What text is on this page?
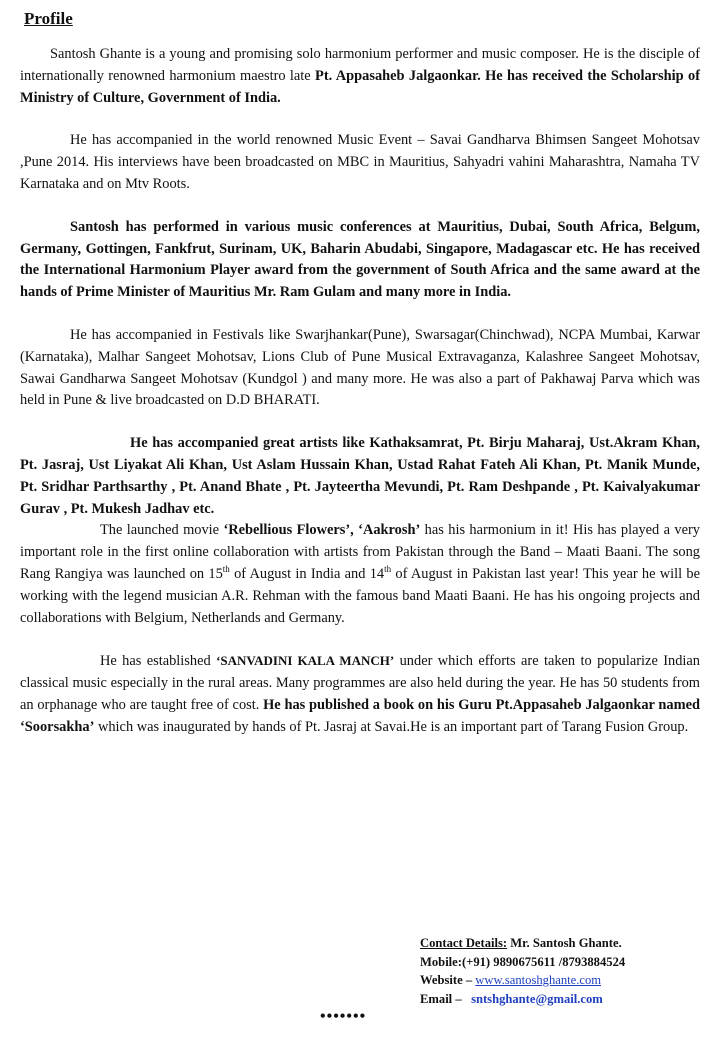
Profile

Santosh Ghante is a young and promising solo harmonium performer and music composer. He is the disciple of internationally renowned harmonium maestro late Pt. Appasaheb Jalgaonkar. He has received the Scholarship of Ministry of Culture, Government of India.

He has accompanied in the world renowned Music Event – Savai Gandharva Bhimsen Sangeet Mohotsav ,Pune 2014. His interviews have been broadcasted on MBC in Mauritius, Sahyadri vahini Maharashtra, Namaha TV Karnataka and on Mtv Roots.

Santosh has performed in various music conferences at Mauritius, Dubai, South Africa, Belgum, Germany, Gottingen, Fankfrut, Surinam, UK, Baharin Abudabi, Singapore, Madagascar etc. He has received the International Harmonium Player award from the government of South Africa and the same award at the hands of Prime Minister of Mauritius Mr. Ram Gulam and many more in India.

He has accompanied in Festivals like Swarjhankar(Pune), Swarsagar(Chinchwad), NCPA Mumbai, Karwar (Karnataka), Malhar Sangeet Mohotsav, Lions Club of Pune Musical Extravaganza, Kalashree Sangeet Mohotsav, Sawai Gandharwa Sangeet Mohotsav (Kundgol ) and many more. He was also a part of Pakhawaj Parva which was held in Pune & live broadcasted on D.D BHARATI.

He has accompanied great artists like Kathaksamrat, Pt. Birju Maharaj, Ust.Akram Khan, Pt. Jasraj, Ust Liyakat Ali Khan, Ust Aslam Hussain Khan, Ustad Rahat Fateh Ali Khan, Pt. Manik Munde, Pt. Sridhar Parthsarthy , Pt. Anand Bhate , Pt. Jayteertha Mevundi, Pt. Ram Deshpande , Pt. Kaivalyakumar Gurav , Pt. Mukesh Jadhav etc.

The launched movie ‘Rebellious Flowers’, ‘Aakrosh’ has his harmonium in it! His has played a very important role in the first online collaboration with artists from Pakistan through the Band – Maati Baani. The song Rang Rangiya was launched on 15th of August in India and 14th of August in Pakistan last year! This year he will be working with the legend musician A.R. Rehman with the famous band Maati Baani. He has his ongoing projects and collaborations with Belgium, Netherlands and Germany.

He has established ‘SANVADINI KALA MANCH’ under which efforts are taken to popularize Indian classical music especially in the rural areas. Many programmes are also held during the year. He has 50 students from an orphanage who are taught free of cost. He has published a book on his Guru Pt.Appasaheb Jalgaonkar named ‘Soorsakha’ which was inaugurated by hands of Pt. Jasraj at Savai.He is an important part of Tarang Fusion Group.

Contact Details: Mr. Santosh Ghante.
Mobile:(+91) 9890675611 /8793884524
Website – www.santoshghante.com
Email –   sntshghante@gmail.com
•••••••
